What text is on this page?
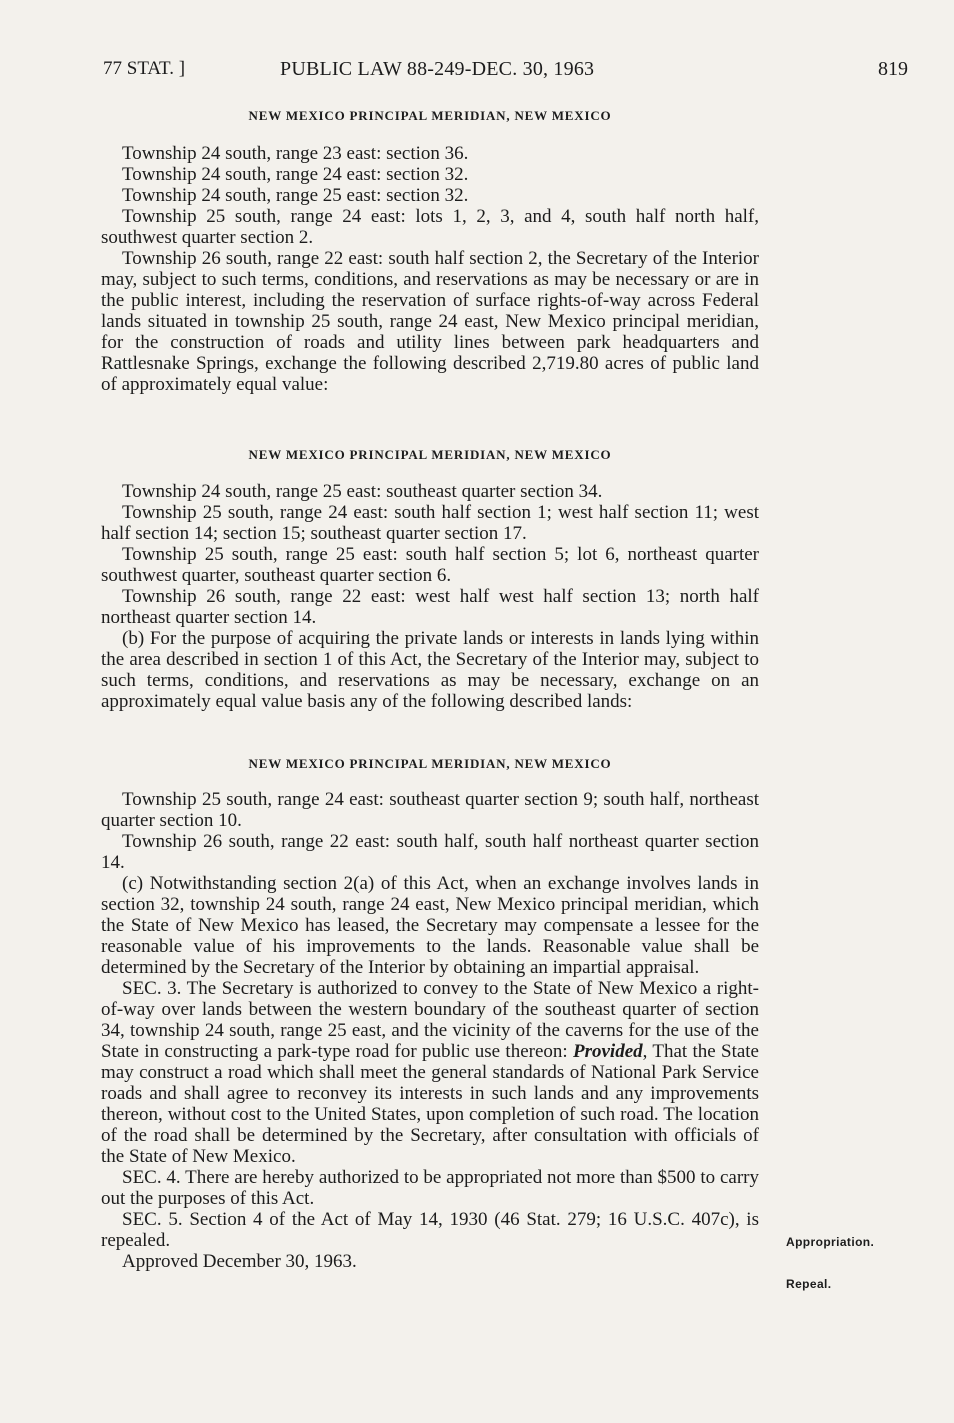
77 STAT. ]	PUBLIC LAW 88-249-DEC. 30, 1963	819
NEW MEXICO PRINCIPAL MERIDIAN, NEW MEXICO

Township 24 south, range 23 east: section 36.

Township 24 south, range 24 east: section 32.

Township 24 south, range 25 east: section 32.

Township 25 south, range 24 east: lots 1, 2, 3, and 4, south half north half, southwest quarter section 2.

Township 26 south, range 22 east: south half section 2, the Secretary of the Interior may, subject to such terms, conditions, and reservations as may be necessary or are in the public interest, including the reservation of surface rights-of-way across Federal lands situated in township 25 south, range 24 east, New Mexico principal meridian, for the construction of roads and utility lines between park headquarters and Rattlesnake Springs, exchange the following described 2,719.80 acres of public land of approximately equal value:

NEW MEXICO PRINCIPAL MERIDIAN, NEW MEXICO

Township 24 south, range 25 east: southeast quarter section 34.

Township 25 south, range 24 east: south half section 1; west half section 11; west half section 14; section 15; southeast quarter section 17.

Township 25 south, range 25 east: south half section 5; lot 6, northeast quarter southwest quarter, southeast quarter section 6.

Township 26 south, range 22 east: west half west half section 13; north half northeast quarter section 14.

(b) For the purpose of acquiring the private lands or interests in lands lying within the area described in section 1 of this Act, the Secretary of the Interior may, subject to such terms, conditions, and reservations as may be necessary, exchange on an approximately equal value basis any of the following described lands:

NEW MEXICO PRINCIPAL MERIDIAN, NEW MEXICO

Township 25 south, range 24 east: southeast quarter section 9; south half, northeast quarter section 10.

Township 26 south, range 22 east: south half, south half northeast quarter section 14.

(c) Notwithstanding section 2(a) of this Act, when an exchange involves lands in section 32, township 24 south, range 24 east, New Mexico principal meridian, which the State of New Mexico has leased, the Secretary may compensate a lessee for the reasonable value of his improvements to the lands. Reasonable value shall be determined by the Secretary of the Interior by obtaining an impartial appraisal.

SEC. 3. The Secretary is authorized to convey to the State of New Mexico a right-of-way over lands between the western boundary of the southeast quarter of section 34, township 24 south, range 25 east, and the vicinity of the caverns for the use of the State in constructing a park-type road for public use thereon: Provided, That the State may construct a road which shall meet the general standards of National Park Service roads and shall agree to reconvey its interests in such lands and any improvements thereon, without cost to the United States, upon completion of such road. The location of the road shall be determined by the Secretary, after consultation with officials of the State of New Mexico.

SEC. 4. There are hereby authorized to be appropriated not more than $500 to carry out the purposes of this Act.

SEC. 5. Section 4 of the Act of May 14, 1930 (46 Stat. 279; 16 U.S.C. 407c), is repealed.

Approved December 30, 1963.

Appropriation.
Repeal.
